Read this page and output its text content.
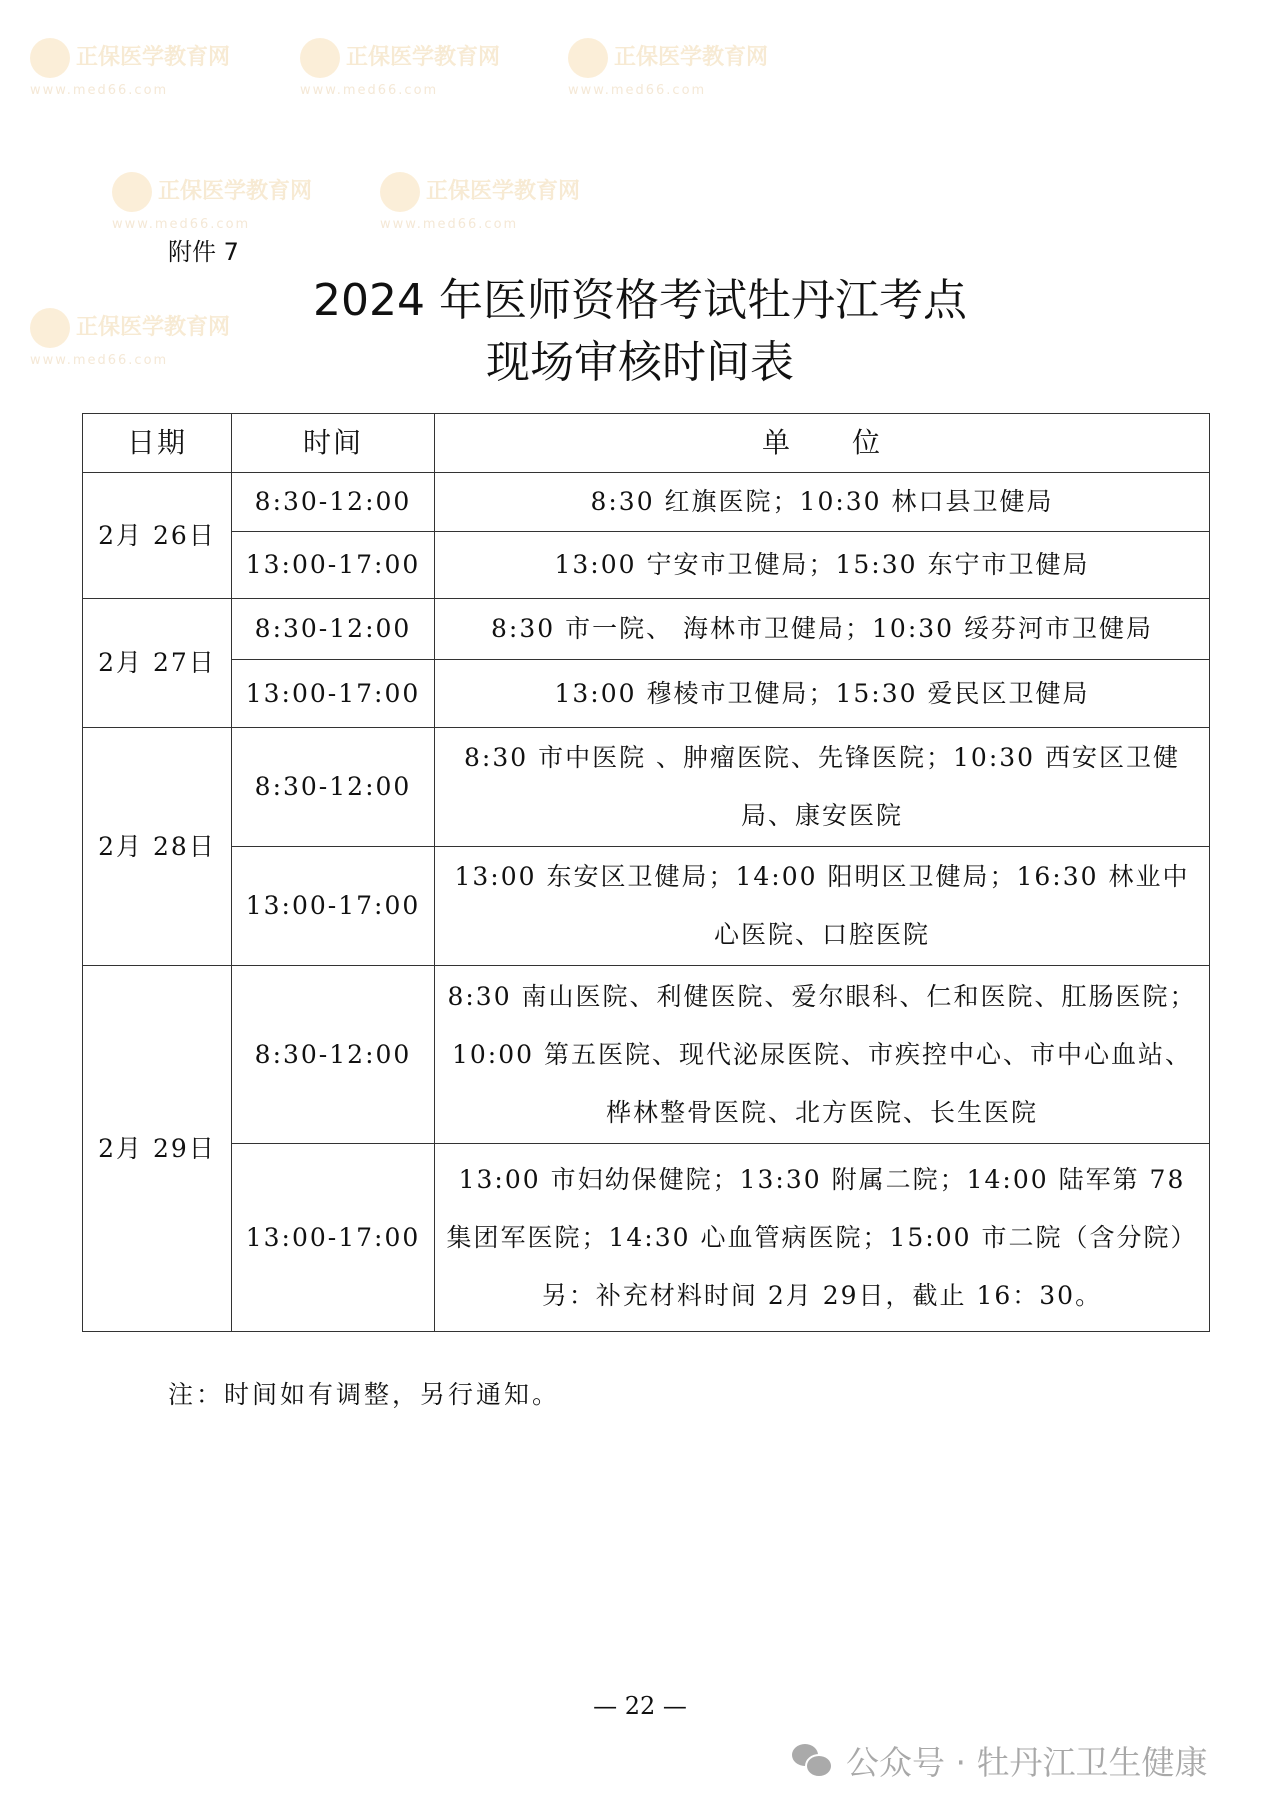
正保医学教育网
www.med66.com
正保医学教育网
www.med66.com
正保医学教育网
www.med66.com
正保医学教育网
www.med66.com
正保医学教育网
www.med66.com
正保医学教育网
www.med66.com
附件 7
2024 年医师资格考试牡丹江考点
现场审核时间表
日期	时间	单　　位
2月 26日	8:30-12:00	8:30 红旗医院；10:30 林口县卫健局
	13:00-17:00	13:00 宁安市卫健局；15:30 东宁市卫健局
2月 27日	8:30-12:00	8:30 市一院、 海林市卫健局；10:30 绥芬河市卫健局
	13:00-17:00	13:00 穆棱市卫健局；15:30 爱民区卫健局
2月 28日	8:30-12:00	8:30 市中医院 、肿瘤医院、先锋医院；10:30 西安区卫健局、康安医院
	13:00-17:00	13:00 东安区卫健局；14:00 阳明区卫健局；16:30 林业中心医院、口腔医院
2月 29日	8:30-12:00	8:30 南山医院、利健医院、爱尔眼科、仁和医院、肛肠医院；10:00 第五医院、现代泌尿医院、市疾控中心、市中心血站、桦林整骨医院、北方医院、长生医院
	13:00-17:00	13:00 市妇幼保健院；13:30 附属二院；14:00 陆军第 78 集团军医院；14:30 心血管病医院；15:00 市二院（含分院）另：补充材料时间 2月 29日，截止 16：30。
注：时间如有调整，另行通知。
— 22 —
公众号 · 牡丹江卫生健康
